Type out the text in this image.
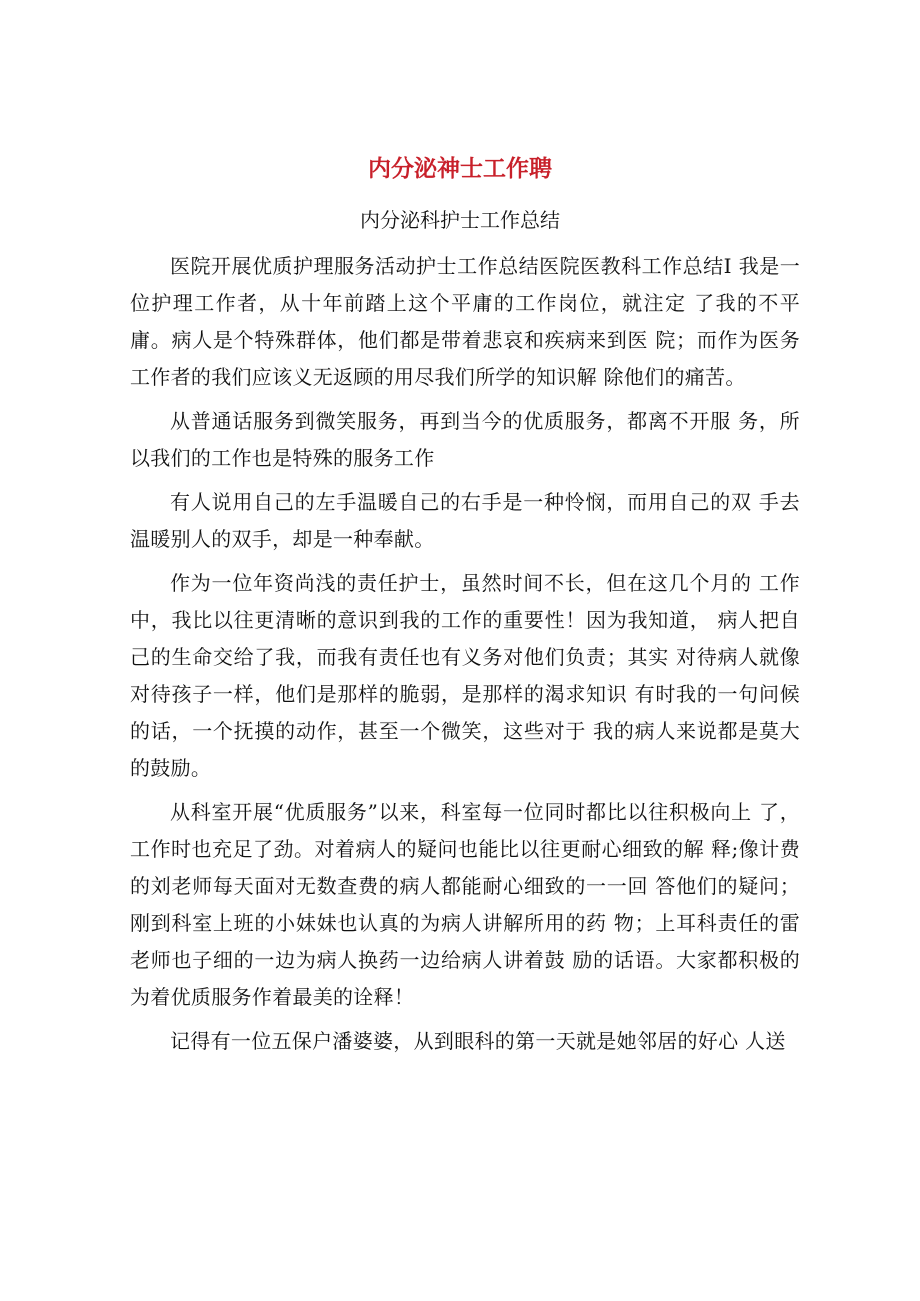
内分泌神士工作聘
内分泌科护士工作总结

医院开展优质护理服务活动护士工作总结医院医教科工作总结I 我是一位护理工作者，从十年前踏上这个平庸的工作岗位，就注定 了我的不平庸。病人是个特殊群体，他们都是带着悲哀和疾病来到医 院；而作为医务工作者的我们应该义无返顾的用尽我们所学的知识解 除他们的痛苦。

从普通话服务到微笑服务，再到当今的优质服务，都离不开服 务，所以我们的工作也是特殊的服务工作

有人说用自己的左手温暖自己的右手是一种怜悯，而用自己的双 手去温暖别人的双手，却是一种奉献。

作为一位年资尚浅的责任护士，虽然时间不长，但在这几个月的 工作中，我比以往更清晰的意识到我的工作的重要性！因为我知道， 病人把自己的生命交给了我，而我有责任也有义务对他们负责；其实 对待病人就像对待孩子一样，他们是那样的脆弱，是那样的渴求知识 有时我的一句问候的话，一个抚摸的动作，甚至一个微笑，这些对于 我的病人来说都是莫大的鼓励。

从科室开展“优质服务”以来，科室每一位同时都比以往积极向上 了，工作时也充足了劲。对着病人的疑问也能比以往更耐心细致的解 释;像计费的刘老师每天面对无数查费的病人都能耐心细致的一一回 答他们的疑问；刚到科室上班的小妹妹也认真的为病人讲解所用的药 物；上耳科责任的雷老师也子细的一边为病人换药一边给病人讲着鼓 励的话语。大家都积极的为着优质服务作着最美的诠释！

记得有一位五保户潘婆婆，从到眼科的第一天就是她邻居的好心 人送
